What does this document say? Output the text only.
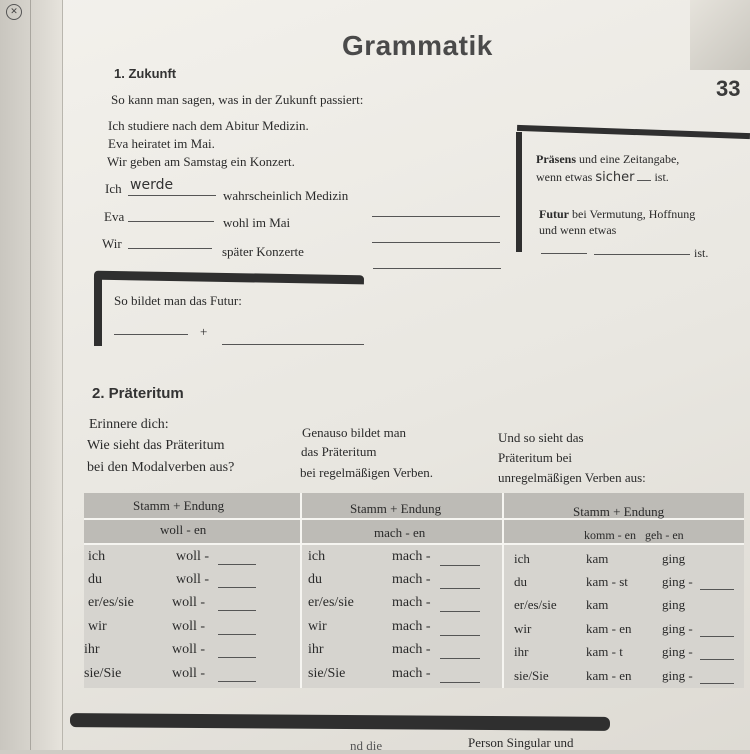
✕
Grammatik
33
1. Zukunft
So kann man sagen, was in der Zukunft passiert:
Ich studiere nach dem Abitur Medizin.
Eva heiratet im Mai.
Wir geben am Samstag ein Konzert.
Ich werde
wahrscheinlich Medizin
Eva	wohl im Mai
Wir
später Konzerte
So bildet man das Futur:
+
Präsens und eine Zeitangabe,
wenn etwas sicher ist.
Futur bei Vermutung, Hoffnung
und wenn etwas
ist.
2. Präteritum
Erinnere dich:
Wie sieht das Präteritum
bei den Modalverben aus?
Genauso bildet man
das Präteritum
bei regelmäßigen Verben.
Und so sieht das
Präteritum bei
unregelmäßigen Verben aus:
Stamm + Endung	Stamm + Endung	Stamm + Endung
woll - en	mach - en	komm - en   geh - en
ich	woll -	ich	mach -	ich	kam	ging
du	woll -	du	mach -	du	kam - st	ging -
er/es/sie	woll -	er/es/sie	mach -	er/es/sie kam	ging
wir	woll -	wir	mach -	wir	kam - en ging -
ihr	woll -	ihr	mach -	ihr	kam - t	ging -
sie/Sie	woll -	sie/Sie	mach -	sie/Sie	kam - en ging -
Person Singular und
nd die
